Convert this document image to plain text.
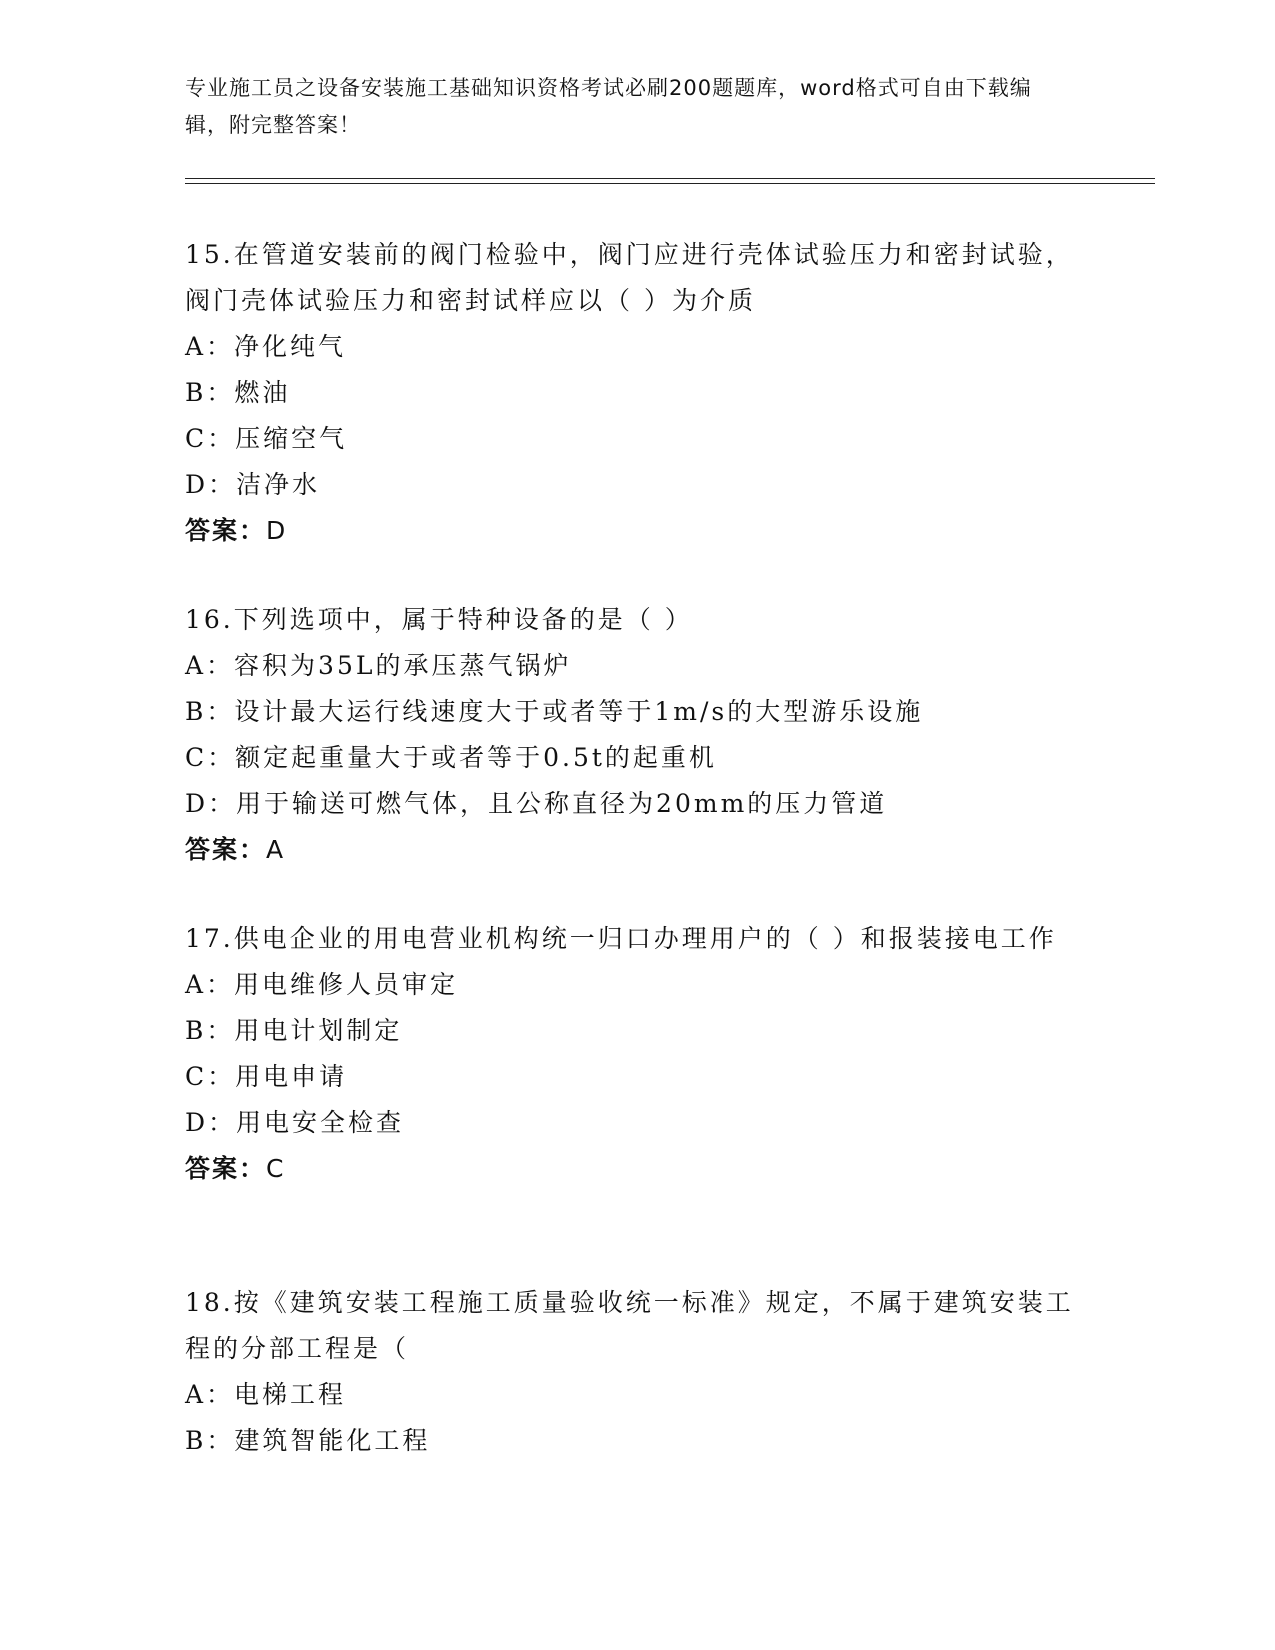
专业施工员之设备安装施工基础知识资格考试必刷200题题库，word格式可自由下载编辑，附完整答案！
15.在管道安装前的阀门检验中，阀门应进行壳体试验压力和密封试验，阀门壳体试验压力和密封试样应以（ ）为介质
A：净化纯气
B：燃油
C：压缩空气
D：洁净水
答案：D
16.下列选项中，属于特种设备的是（ ）
A：容积为35L的承压蒸气锅炉
B：设计最大运行线速度大于或者等于1m/s的大型游乐设施
C：额定起重量大于或者等于0.5t的起重机
D：用于输送可燃气体，且公称直径为20mm的压力管道
答案：A
17.供电企业的用电营业机构统一归口办理用户的（ ）和报装接电工作
A：用电维修人员审定
B：用电计划制定
C：用电申请
D：用电安全检查
答案：C
18.按《建筑安装工程施工质量验收统一标准》规定，不属于建筑安装工程的分部工程是（
A：电梯工程
B：建筑智能化工程
